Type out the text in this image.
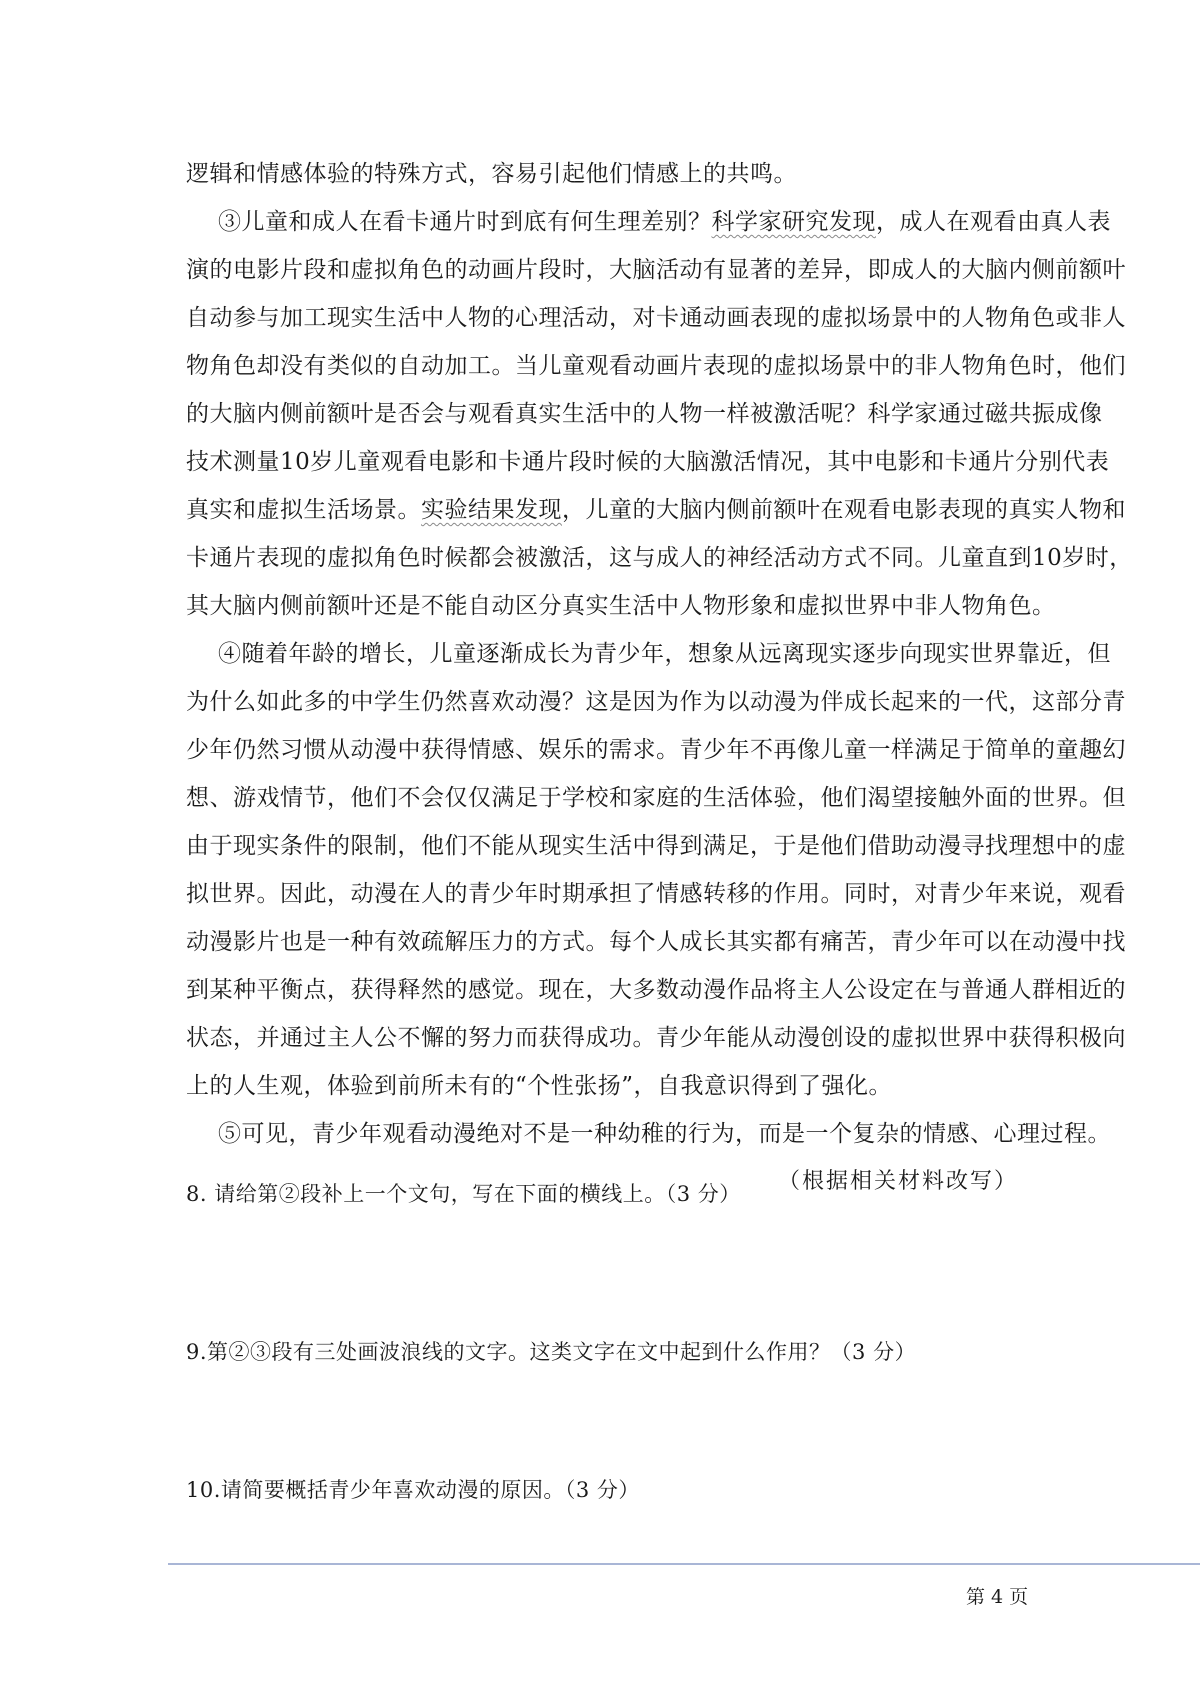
逻辑和情感体验的特殊方式，容易引起他们情感上的共鸣。
③儿童和成人在看卡通片时到底有何生理差别？科学家研究发现，成人在观看由真人表
演的电影片段和虚拟角色的动画片段时，大脑活动有显著的差异，即成人的大脑内侧前额叶
自动参与加工现实生活中人物的心理活动，对卡通动画表现的虚拟场景中的人物角色或非人
物角色却没有类似的自动加工。当儿童观看动画片表现的虚拟场景中的非人物角色时，他们
的大脑内侧前额叶是否会与观看真实生活中的人物一样被激活呢？科学家通过磁共振成像
技术测量10岁儿童观看电影和卡通片段时候的大脑激活情况，其中电影和卡通片分别代表
真实和虚拟生活场景。实验结果发现，儿童的大脑内侧前额叶在观看电影表现的真实人物和
卡通片表现的虚拟角色时候都会被激活，这与成人的神经活动方式不同。儿童直到10岁时，
其大脑内侧前额叶还是不能自动区分真实生活中人物形象和虚拟世界中非人物角色。
④随着年龄的增长，儿童逐渐成长为青少年，想象从远离现实逐步向现实世界靠近，但
为什么如此多的中学生仍然喜欢动漫？这是因为作为以动漫为伴成长起来的一代，这部分青
少年仍然习惯从动漫中获得情感、娱乐的需求。青少年不再像儿童一样满足于简单的童趣幻
想、游戏情节，他们不会仅仅满足于学校和家庭的生活体验，他们渴望接触外面的世界。但
由于现实条件的限制，他们不能从现实生活中得到满足，于是他们借助动漫寻找理想中的虚
拟世界。因此，动漫在人的青少年时期承担了情感转移的作用。同时，对青少年来说，观看
动漫影片也是一种有效疏解压力的方式。每个人成长其实都有痛苦，青少年可以在动漫中找
到某种平衡点，获得释然的感觉。现在，大多数动漫作品将主人公设定在与普通人群相近的
状态，并通过主人公不懈的努力而获得成功。青少年能从动漫创设的虚拟世界中获得积极向
上的人生观，体验到前所未有的“个性张扬”，自我意识得到了强化。
⑤可见，青少年观看动漫绝对不是一种幼稚的行为，而是一个复杂的情感、心理过程。
（根据相关材料改写）
8. 请给第②段补上一个文句，写在下面的横线上。（3 分）
9.第②③段有三处画波浪线的文字。这类文字在文中起到什么作用？（3 分）
10.请简要概括青少年喜欢动漫的原因。（3 分）
第 4 页
